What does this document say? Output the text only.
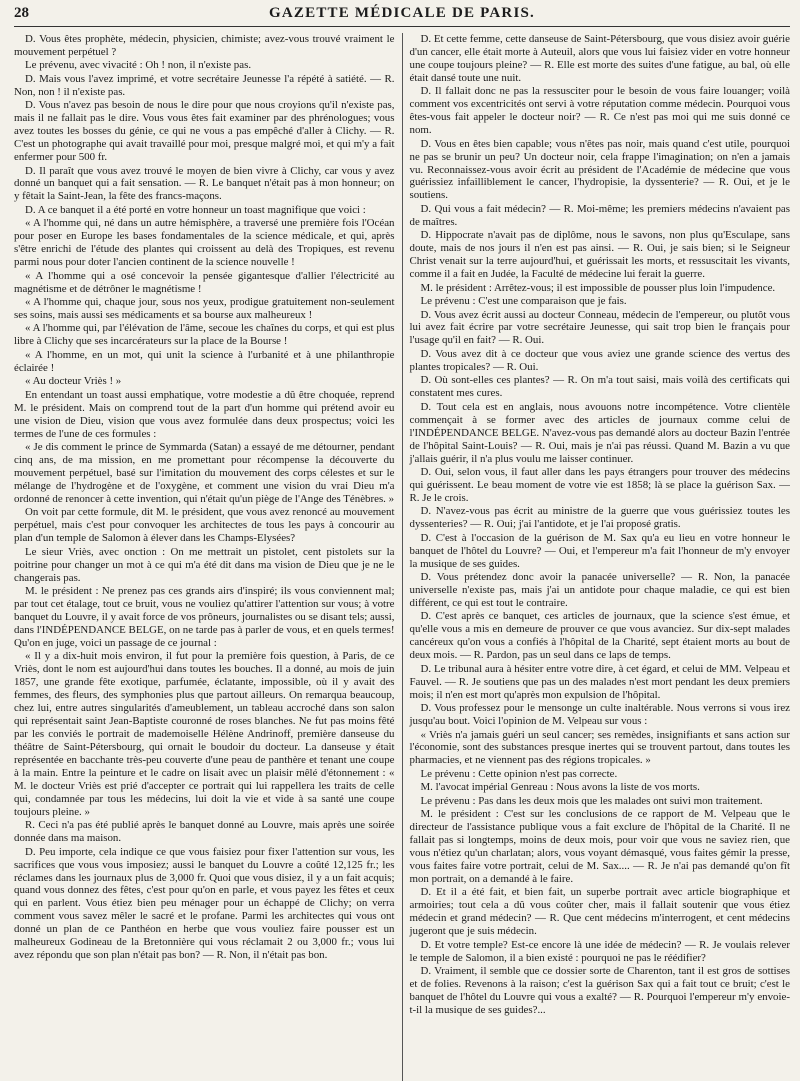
28	GAZETTE MÉDICALE DE PARIS.

D. Vous êtes prophète, médecin, physicien, chimiste; avez-vous trouvé vraiment le mouvement perpétuel ?

Le prévenu, avec vivacité : Oh ! non, il n'existe pas.

D. Mais vous l'avez imprimé, et votre secrétaire Jeunesse l'a répété à satiété. — R. Non, non ! il n'existe pas.

D. Vous n'avez pas besoin de nous le dire pour que nous croyions qu'il n'existe pas, mais il ne fallait pas le dire. Vous vous êtes fait examiner par des phrénologues; vous avez toutes les bosses du génie, ce qui ne vous a pas empêché d'aller à Clichy. — R. C'est un photographe qui avait travaillé pour moi, presque malgré moi, et qui m'y a fait enfermer pour 500 fr.

D. Il paraît que vous avez trouvé le moyen de bien vivre à Clichy, car vous y avez donné un banquet qui a fait sensation. — R. Le banquet n'était pas à mon honneur; on y fêtait la Saint-Jean, la fête des francs-maçons.

D. A ce banquet il a été porté en votre honneur un toast magnifique que voici :

« A l'homme qui, né dans un autre hémisphère, a traversé une première fois l'Océan pour poser en Europe les bases fondamentales de la science médicale, et qui, après s'être enrichi de l'étude des plantes qui croissent au delà des Tropiques, est revenu parmi nous pour doter l'ancien continent de la science nouvelle !

« A l'homme qui a osé concevoir la pensée gigantesque d'allier l'électricité au magnétisme et de détrôner le magnétisme !

« A l'homme qui, chaque jour, sous nos yeux, prodigue gratuitement non-seulement ses soins, mais aussi ses médicaments et sa bourse aux malheureux !

« A l'homme qui, par l'élévation de l'âme, secoue les chaînes du corps, et qui est plus libre à Clichy que ses incarcérateurs sur la place de la Bourse !

« A l'homme, en un mot, qui unit la science à l'urbanité et à une philanthropie éclairée !

« Au docteur Vriès ! »

En entendant un toast aussi emphatique, votre modestie a dû être choquée, reprend M. le président. Mais on comprend tout de la part d'un homme qui prétend avoir eu une vision de Dieu, vision que vous avez formulée dans deux prospectus; voici les termes de l'une de ces formules :

« Je dis comment le prince de Symmarda (Satan) a essayé de me détourner, pendant cinq ans, de ma mission, en me promettant pour récompense la découverte du mouvement perpétuel, basé sur l'imitation du mouvement des corps célestes et sur le mélange de l'hydrogène et de l'oxygène, et comment une vision du vrai Dieu m'a ordonné de renoncer à cette invention, qui n'était qu'un piège de l'Ange des Ténèbres. »

On voit par cette formule, dit M. le président, que vous avez renoncé au mouvement perpétuel, mais c'est pour convoquer les architectes de tous les pays à concourir au plan d'un temple de Salomon à élever dans les Champs-Elysées?

Le sieur Vriès, avec onction : On me mettrait un pistolet, cent pistolets sur la poitrine pour changer un mot à ce qui m'a été dit dans ma vision de Dieu que je ne le changerais pas.

M. le président : Ne prenez pas ces grands airs d'inspiré; ils vous conviennent mal; par tout cet étalage, tout ce bruit, vous ne vouliez qu'attirer l'attention sur vous; à votre banquet du Louvre, il y avait force de vos prôneurs, journalistes ou se disant tels; aussi, dans l'INDÉPENDANCE BELGE, on ne tarde pas à parler de vous, et en quels termes! Qu'on en juge, voici un passage de ce journal :

« Il y a dix-huit mois environ, il fut pour la première fois question, à Paris, de ce Vriès, dont le nom est aujourd'hui dans toutes les bouches. Il a donné, au mois de juin 1857, une grande fête exotique, parfumée, éclatante, impossible, où il y avait des femmes, des fleurs, des symphonies plus que partout ailleurs. On remarqua beaucoup, chez lui, entre autres singularités d'ameublement, un tableau accroché dans son salon qui représentait saint Jean-Baptiste couronné de roses blanches. Ne fut pas moins fêté par les conviés le portrait de mademoiselle Hélène Andrinoff, première danseuse du théâtre de Saint-Pétersbourg, qui ornait le boudoir du docteur. La danseuse y était représentée en bacchante très-peu couverte d'une peau de panthère et tenant une coupe à la main. Entre la peinture et le cadre on lisait avec un plaisir mêlé d'étonnement : « M. le docteur Vriès est prié d'accepter ce portrait qui lui rappellera les traits de celle qui, condamnée par tous les médecins, lui doit la vie et vide à sa santé une coupe toujours pleine. »

R. Ceci n'a pas été publié après le banquet donné au Louvre, mais après une soirée donnée dans ma maison.

D. Peu importe, cela indique ce que vous faisiez pour fixer l'attention sur vous, les sacrifices que vous vous imposiez; aussi le banquet du Louvre a coûté 12,125 fr.; les réclames dans les journaux plus de 3,000 fr. Quoi que vous disiez, il y a un fait acquis; quand vous donnez des fêtes, c'est pour qu'on en parle, et vous payez les fêtes et ceux qui en parlent. Vous étiez bien peu ménager pour un échappé de Clichy; on verra comment vous savez mêler le sacré et le profane. Parmi les architectes qui vous ont donné un plan de ce Panthéon en herbe que vous vouliez faire pousser est un malheureux Godineau de la Bretonnière qui vous réclamait 2 ou 3,000 fr.; vous lui avez répondu que son plan n'était pas bon? — R. Non, il n'était pas bon.

D. Et cette femme, cette danseuse de Saint-Pétersbourg, que vous disiez avoir guérie d'un cancer, elle était morte à Auteuil, alors que vous lui faisiez vider en votre honneur une coupe toujours pleine? — R. Elle est morte des suites d'une fatigue, au bal, où elle était dansé toute une nuit.

D. Il fallait donc ne pas la ressusciter pour le besoin de vous faire louanger; voilà comment vos excentricités ont servi à votre réputation comme médecin. Pourquoi vous êtes-vous fait appeler le docteur noir? — R. Ce n'est pas moi qui me suis donné ce nom.

D. Vous en êtes bien capable; vous n'êtes pas noir, mais quand c'est utile, pourquoi ne pas se brunir un peu? Un docteur noir, cela frappe l'imagination; on n'en a jamais vu. Reconnaissez-vous avoir écrit au président de l'Académie de médecine que vous guérissiez infailliblement le cancer, l'hydropisie, la dyssenterie? — R. Oui, et je le soutiens.

D. Qui vous a fait médecin? — R. Moi-même; les premiers médecins n'avaient pas de maîtres.

D. Hippocrate n'avait pas de diplôme, nous le savons, non plus qu'Esculape, sans doute, mais de nos jours il n'en est pas ainsi. — R. Oui, je sais bien; si le Seigneur Christ venait sur la terre aujourd'hui, et guérissait les morts, et ressuscitait les vivants, comme il a fait en Judée, la Faculté de médecine lui ferait la guerre.

M. le président : Arrêtez-vous; il est impossible de pousser plus loin l'impudence.

Le prévenu : C'est une comparaison que je fais.

D. Vous avez écrit aussi au docteur Conneau, médecin de l'empereur, ou plutôt vous lui avez fait écrire par votre secrétaire Jeunesse, qui sait trop bien le français pour l'usage qu'il en fait? — R. Oui.

D. Vous avez dit à ce docteur que vous aviez une grande science des vertus des plantes tropicales? — R. Oui.

D. Où sont-elles ces plantes? — R. On m'a tout saisi, mais voilà des certificats qui constatent mes cures.

D. Tout cela est en anglais, nous avouons notre incompétence. Votre clientèle commençait à se former avec des articles de journaux comme celui de l'INDÉPENDANCE BELGE. N'avez-vous pas demandé alors au docteur Bazin l'entrée de l'hôpital Saint-Louis? — R. Oui, mais je n'ai pas réussi. Quand M. Bazin a vu que j'allais guérir, il n'a plus voulu me laisser continuer.

D. Oui, selon vous, il faut aller dans les pays étrangers pour trouver des médecins qui guérissent. Le beau moment de votre vie est 1858; là se place la guérison Sax. — R. Je le crois.

D. N'avez-vous pas écrit au ministre de la guerre que vous guérissiez toutes les dyssenteries? — R. Oui; j'ai l'antidote, et je l'ai proposé gratis.

D. C'est à l'occasion de la guérison de M. Sax qu'a eu lieu en votre honneur le banquet de l'hôtel du Louvre? — Oui, et l'empereur m'a fait l'honneur de m'y envoyer la musique de ses guides.

D. Vous prétendez donc avoir la panacée universelle? — R. Non, la panacée universelle n'existe pas, mais j'ai un antidote pour chaque maladie, ce qui est bien différent, ce qui est tout le contraire.

D. C'est après ce banquet, ces articles de journaux, que la science s'est émue, et qu'elle vous a mis en demeure de prouver ce que vous avanciez. Sur dix-sept malades cancéreux qu'on vous a confiés à l'hôpital de la Charité, sept étaient morts au bout de deux mois. — R. Pardon, pas un seul dans ce laps de temps.

D. Le tribunal aura à hésiter entre votre dire, à cet égard, et celui de MM. Velpeau et Fauvel. — R. Je soutiens que pas un des malades n'est mort pendant les deux premiers mois; il n'en est mort qu'après mon expulsion de l'hôpital.

D. Vous professez pour le mensonge un culte inaltérable. Nous verrons si vous irez jusqu'au bout. Voici l'opinion de M. Velpeau sur vous :

« Vriès n'a jamais guéri un seul cancer; ses remèdes, insignifiants et sans action sur l'économie, sont des substances presque inertes qui se trouvent partout, dans toutes les pharmacies, et ne viennent pas des régions tropicales. »

Le prévenu : Cette opinion n'est pas correcte.

M. l'avocat impérial Genreau : Nous avons la liste de vos morts.

Le prévenu : Pas dans les deux mois que les malades ont suivi mon traitement.

M. le président : C'est sur les conclusions de ce rapport de M. Velpeau que le directeur de l'assistance publique vous a fait exclure de l'hôpital de la Charité. Il ne fallait pas si longtemps, moins de deux mois, pour voir que vous ne saviez rien, que vous n'étiez qu'un charlatan; alors, vous voyant démasqué, vous faites gémir la presse, vous faites faire votre portrait, celui de M. Sax.... — R. Je n'ai pas demandé qu'on fît mon portrait, on a demandé à le faire.

D. Et il a été fait, et bien fait, un superbe portrait avec article biographique et armoiries; tout cela a dû vous coûter cher, mais il fallait soutenir que vous étiez médecin et grand médecin? — R. Que cent médecins m'interrogent, et cent médecins jugeront que je suis médecin.

D. Et votre temple? Est-ce encore là une idée de médecin? — R. Je voulais relever le temple de Salomon, il a bien existé : pourquoi ne pas le réédifier?

D. Vraiment, il semble que ce dossier sorte de Charenton, tant il est gros de sottises et de folies. Revenons à la raison; c'est la guérison Sax qui a fait tout ce bruit; c'est le banquet de l'hôtel du Louvre qui vous a exalté? — R. Pourquoi l'empereur m'y envoie-t-il la musique de ses guides?...
